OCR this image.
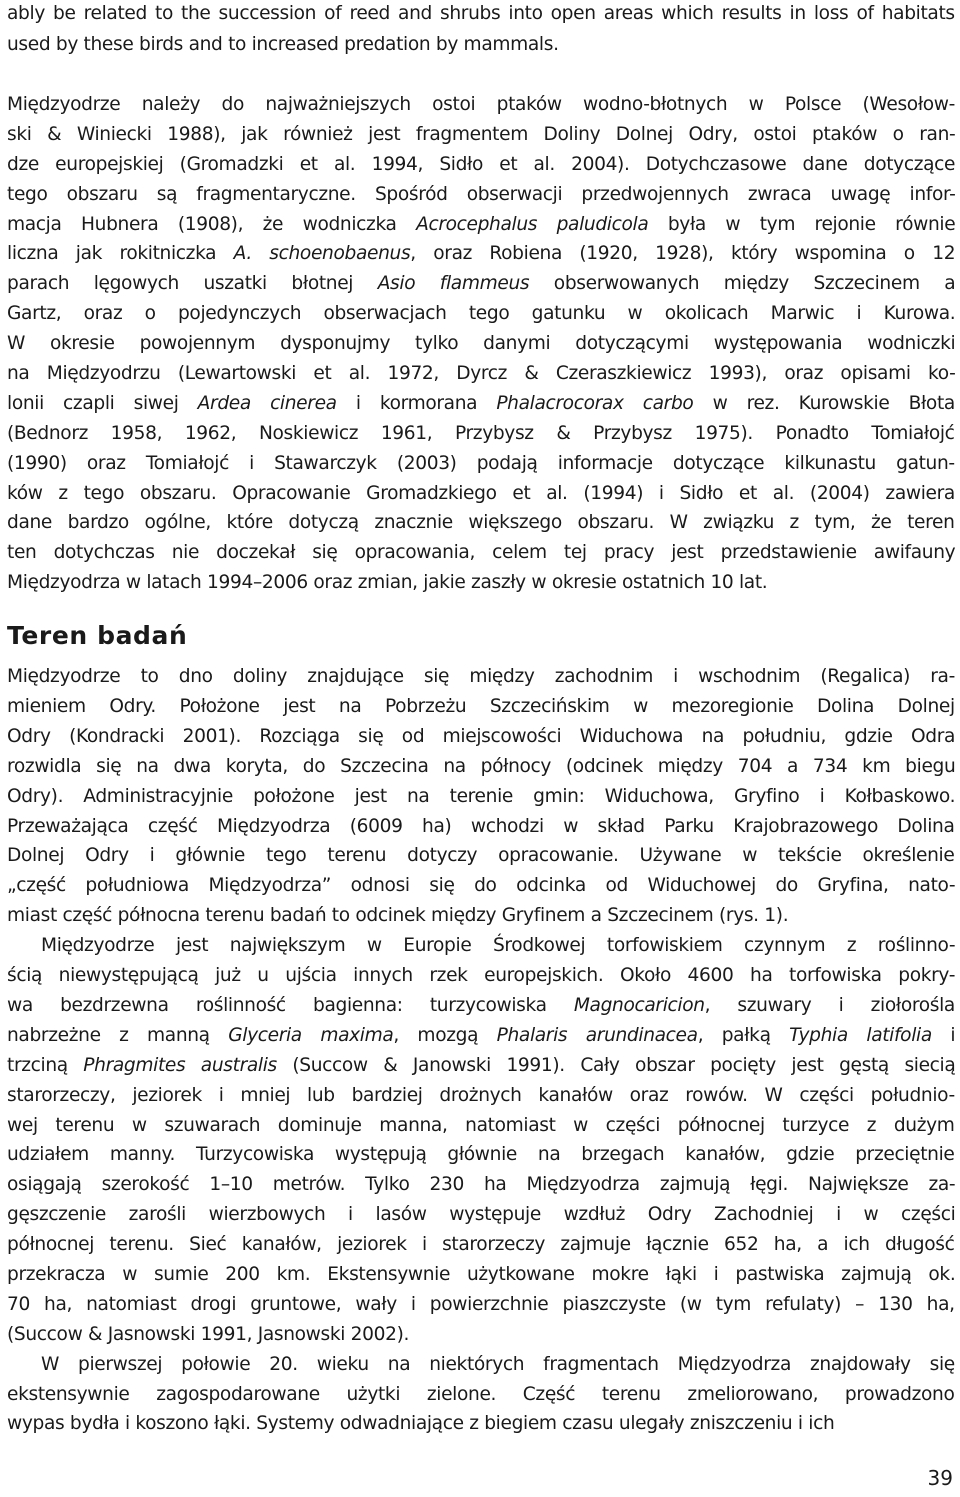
ably be related to the succession of reed and shrubs into open areas which results in loss of habitats
used by these birds and to increased predation by mammals.
Międzyodrze należy do najważniejszych ostoi ptaków wodno-błotnych w Polsce (Wesołow-
ski & Winiecki 1988), jak również jest fragmentem Doliny Dolnej Odry, ostoi ptaków o ran-
dze europejskiej (Gromadzki et al. 1994, Sidło et al. 2004). Dotychczasowe dane dotyczące
tego obszaru są fragmentaryczne. Spośród obserwacji przedwojennych zwraca uwagę infor-
macja Hubnera (1908), że wodniczka Acrocephalus paludicola była w tym rejonie równie
liczna jak rokitniczka A. schoenobaenus, oraz Robiena (1920, 1928), który wspomina o 12
parach lęgowych uszatki błotnej Asio flammeus obserwowanych między Szczecinem a
Gartz, oraz o pojedynczych obserwacjach tego gatunku w okolicach Marwic i Kurowa.
W okresie powojennym dysponujmy tylko danymi dotyczącymi występowania wodniczki
na Międzyodrzu (Lewartowski et al. 1972, Dyrcz & Czeraszkiewicz 1993), oraz opisami ko-
lonii czapli siwej Ardea cinerea i kormorana Phalacrocorax carbo w rez. Kurowskie Błota
(Bednorz 1958, 1962, Noskiewicz 1961, Przybysz & Przybysz 1975). Ponadto Tomiałojć
(1990) oraz Tomiałojć i Stawarczyk (2003) podają informacje dotyczące kilkunastu gatun-
ków z tego obszaru. Opracowanie Gromadzkiego et al. (1994) i Sidło et al. (2004) zawiera
dane bardzo ogólne, które dotyczą znacznie większego obszaru. W związku z tym, że teren
ten dotychczas nie doczekał się opracowania, celem tej pracy jest przedstawienie awifauny
Międzyodrza w latach 1994–2006 oraz zmian, jakie zaszły w okresie ostatnich 10 lat.
Teren badań
Międzyodrze to dno doliny znajdujące się między zachodnim i wschodnim (Regalica) ra-
mieniem Odry. Położone jest na Pobrzeżu Szczecińskim w mezoregionie Dolina Dolnej
Odry (Kondracki 2001). Rozciąga się od miejscowości Widuchowa na południu, gdzie Odra
rozwidla się na dwa koryta, do Szczecina na północy (odcinek między 704 a 734 km biegu
Odry). Administracyjnie położone jest na terenie gmin: Widuchowa, Gryfino i Kołbaskowo.
Przeważająca część Międzyodrza (6009 ha) wchodzi w skład Parku Krajobrazowego Dolina
Dolnej Odry i głównie tego terenu dotyczy opracowanie. Używane w tekście określenie
„część południowa Międzyodrza” odnosi się do odcinka od Widuchowej do Gryfina, nato-
miast część północna terenu badań to odcinek między Gryfinem a Szczecinem (rys. 1).
Międzyodrze jest największym w Europie Środkowej torfowiskiem czynnym z roślinno-
ścią niewystępującą już u ujścia innych rzek europejskich. Około 4600 ha torfowiska pokry-
wa bezdrzewna roślinność bagienna: turzycowiska Magnocaricion, szuwary i ziołorośla
nabrzeżne z manną Glyceria maxima, mozgą Phalaris arundinacea, pałką Typhia latifolia i
trzciną Phragmites australis (Succow & Janowski 1991). Cały obszar pocięty jest gęstą siecią
starorzeczy, jeziorek i mniej lub bardziej drożnych kanałów oraz rowów. W części południo-
wej terenu w szuwarach dominuje manna, natomiast w części północnej turzyce z dużym
udziałem manny. Turzycowiska występują głównie na brzegach kanałów, gdzie przeciętnie
osiągają szerokość 1–10 metrów. Tylko 230 ha Międzyodrza zajmują łęgi. Największe za-
gęszczenie zarośli wierzbowych i lasów występuje wzdłuż Odry Zachodniej i w części
północnej terenu. Sieć kanałów, jeziorek i starorzeczy zajmuje łącznie 652 ha, a ich długość
przekracza w sumie 200 km. Ekstensywnie użytkowane mokre łąki i pastwiska zajmują ok.
70 ha, natomiast drogi gruntowe, wały i powierzchnie piaszczyste (w tym refulaty) – 130 ha,
(Succow & Jasnowski 1991, Jasnowski 2002).
W pierwszej połowie 20. wieku na niektórych fragmentach Międzyodrza znajdowały się
ekstensywnie zagospodarowane użytki zielone. Część terenu zmeliorowano, prowadzono
wypas bydła i koszono łąki. Systemy odwadniające z biegiem czasu ulegały zniszczeniu i ich
39
